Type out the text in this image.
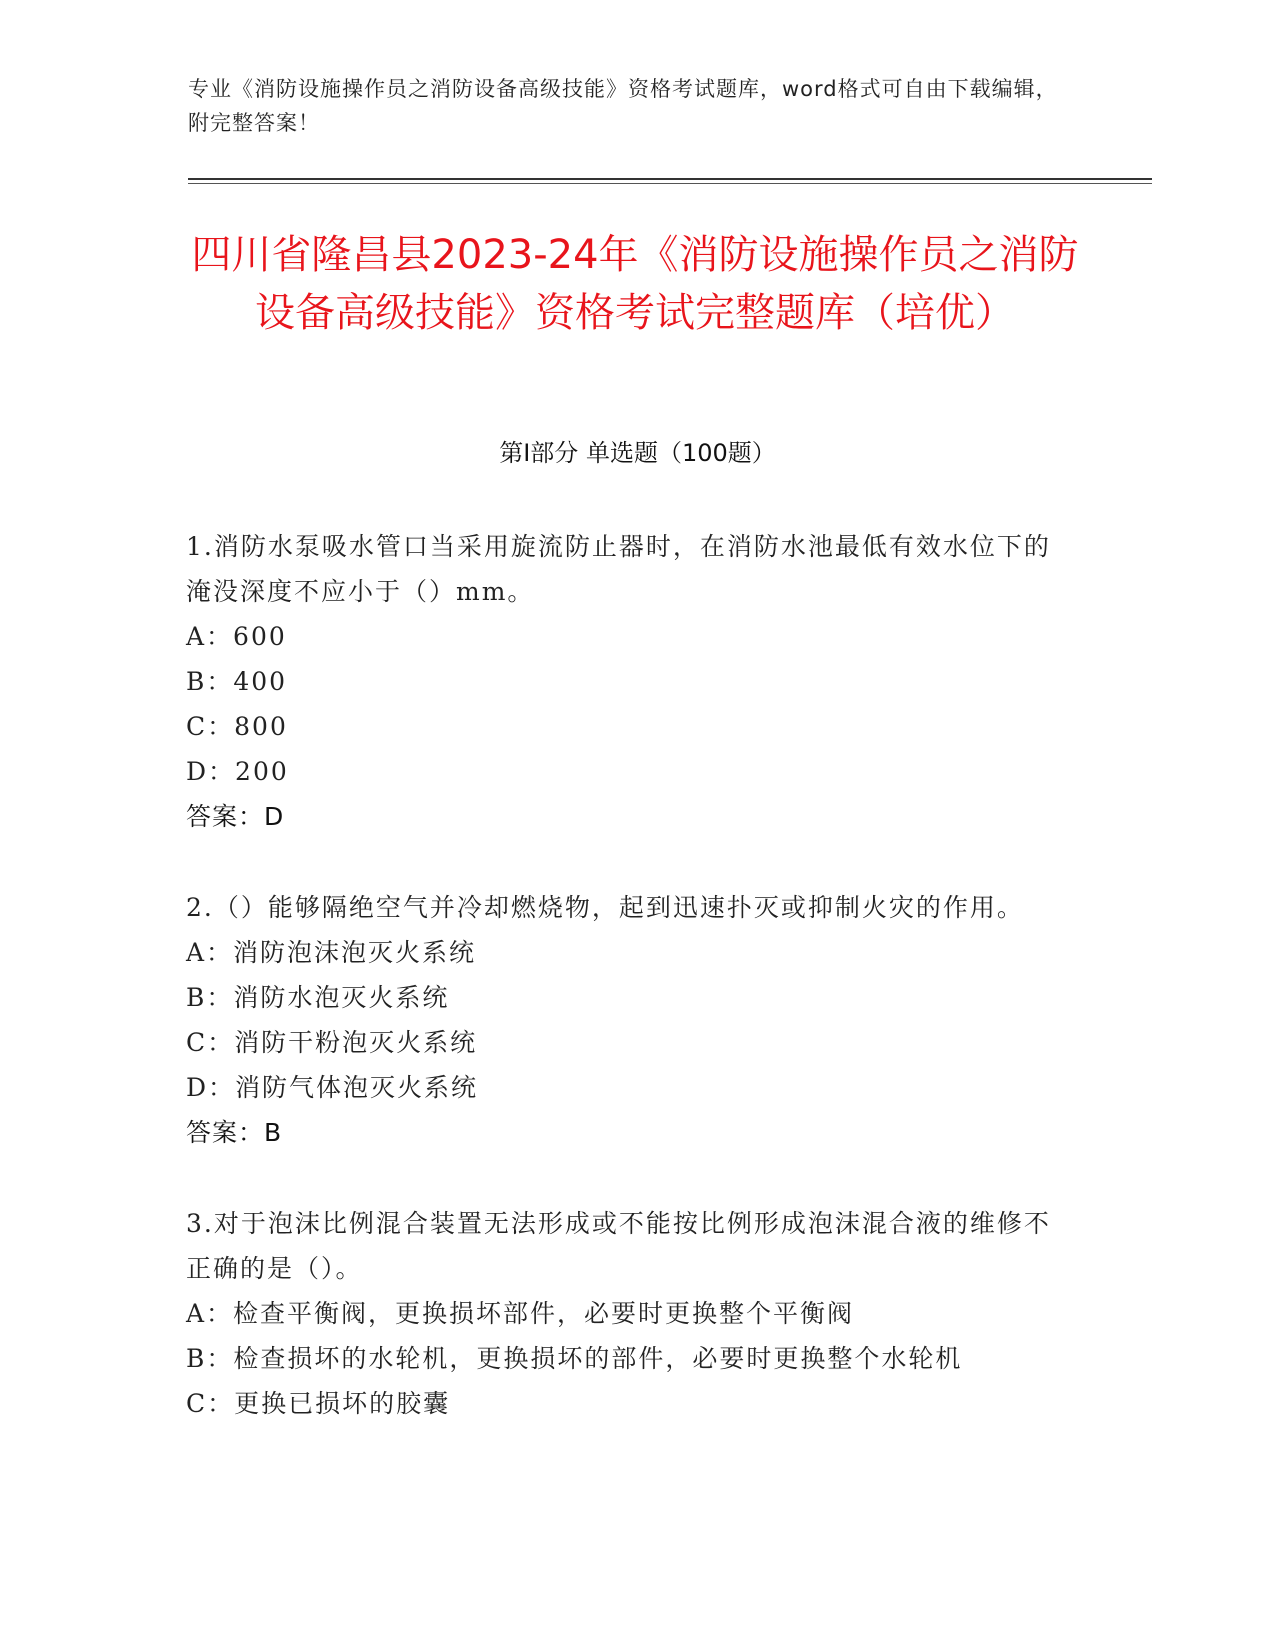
专业《消防设施操作员之消防设备高级技能》资格考试题库，word格式可自由下载编辑，附完整答案！
四川省隆昌县2023-24年《消防设施操作员之消防设备高级技能》资格考试完整题库（培优）
第I部分 单选题（100题）

1.消防水泵吸水管口当采用旋流防止器时，在消防水池最低有效水位下的淹没深度不应小于（）mm。

A：600

B：400

C：800

D：200

答案：D

2.（）能够隔绝空气并冷却燃烧物，起到迅速扑灭或抑制火灾的作用。

A：消防泡沫泡灭火系统

B：消防水泡灭火系统

C：消防干粉泡灭火系统

D：消防气体泡灭火系统

答案：B

3.对于泡沫比例混合装置无法形成或不能按比例形成泡沫混合液的维修不正确的是（）。

A：检查平衡阀，更换损坏部件，必要时更换整个平衡阀

B：检查损坏的水轮机，更换损坏的部件，必要时更换整个水轮机

C：更换已损坏的胶囊
